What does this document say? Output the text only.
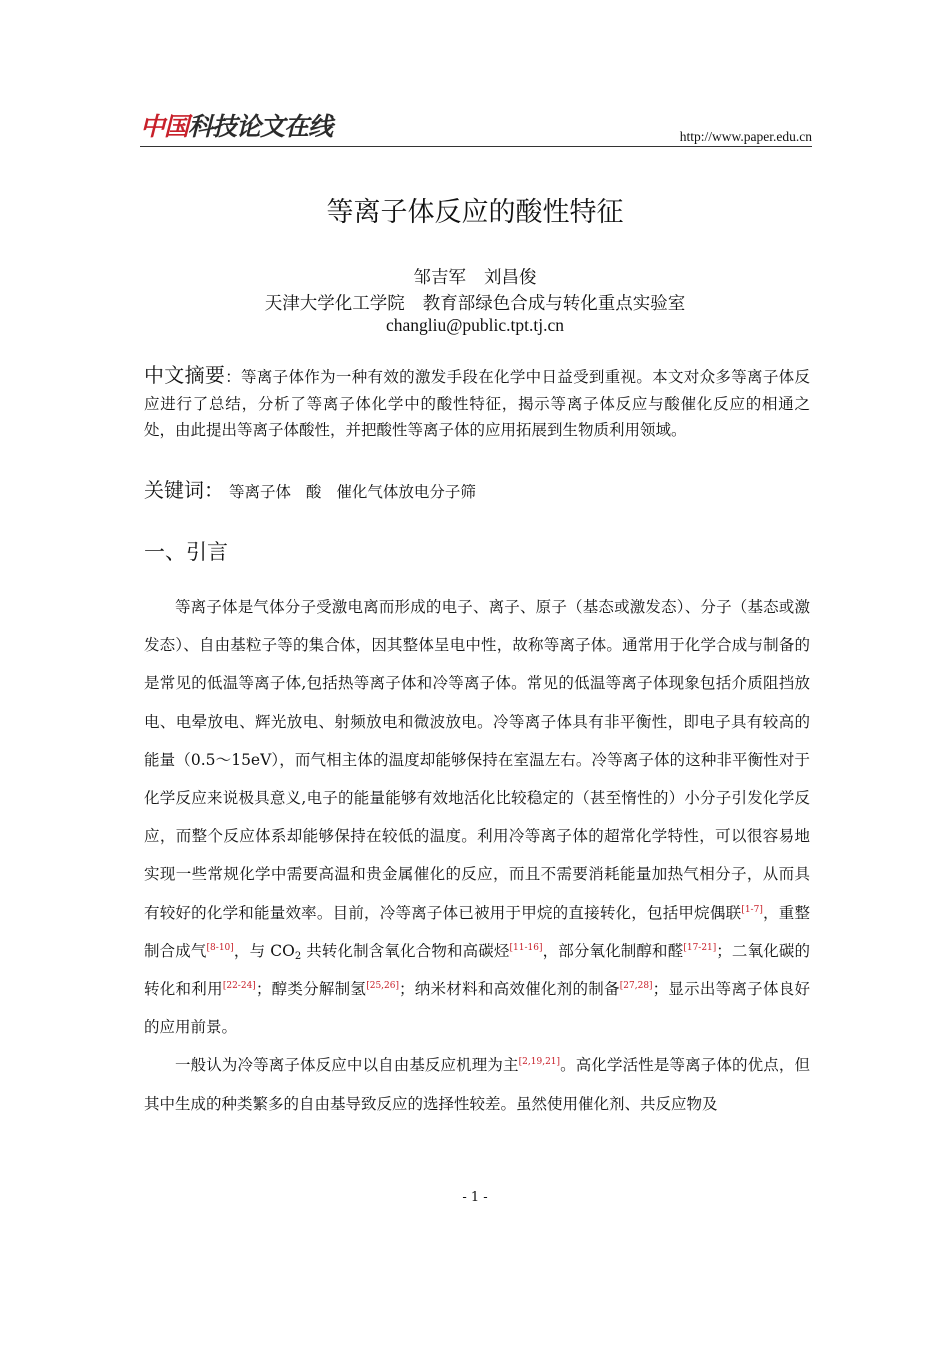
中国科技论文在线	http://www.paper.edu.cn
等离子体反应的酸性特征
邹吉军 刘昌俊
天津大学化工学院 教育部绿色合成与转化重点实验室
changliu@public.tpt.tj.cn
中文摘要：等离子体作为一种有效的激发手段在化学中日益受到重视。本文对众多等离子体反应进行了总结，分析了等离子体化学中的酸性特征，揭示等离子体反应与酸催化反应的相通之处，由此提出等离子体酸性，并把酸性等离子体的应用拓展到生物质利用领域。
关键词： 等离子体 酸 催化气体放电分子筛
一、引言

等离子体是气体分子受激电离而形成的电子、离子、原子（基态或激发态）、分子（基态或激发态）、自由基粒子等的集合体，因其整体呈电中性，故称等离子体。通常用于化学合成与制备的是常见的低温等离子体,包括热等离子体和冷等离子体。常见的低温等离子体现象包括介质阻挡放电、电晕放电、辉光放电、射频放电和微波放电。冷等离子体具有非平衡性，即电子具有较高的能量（0.5～15eV），而气相主体的温度却能够保持在室温左右。冷等离子体的这种非平衡性对于化学反应来说极具意义,电子的能量能够有效地活化比较稳定的（甚至惰性的）小分子引发化学反应，而整个反应体系却能够保持在较低的温度。利用冷等离子体的超常化学特性，可以很容易地实现一些常规化学中需要高温和贵金属催化的反应，而且不需要消耗能量加热气相分子，从而具有较好的化学和能量效率。目前，冷等离子体已被用于甲烷的直接转化，包括甲烷偶联[1-7]，重整制合成气[8-10]，与 $CO_2$ 共转化制含氧化合物和高碳烃[11-16]，部分氧化制醇和醛[17-21]；二氧化碳的转化和利用[22-24]；醇类分解制氢[25,26]；纳米材料和高效催化剂的制备[27,28]；显示出等离子体良好的应用前景。

一般认为冷等离子体反应中以自由基反应机理为主[2,19,21]。高化学活性是等离子体的优点，但其中生成的种类繁多的自由基导致反应的选择性较差。虽然使用催化剂、共反应物及

- 1 -
